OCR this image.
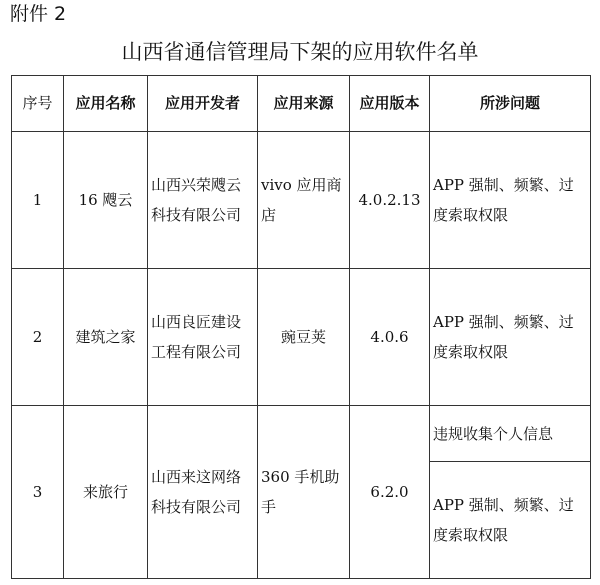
附件 2
山西省通信管理局下架的应用软件名单
序号	应用名称	应用开发者	应用来源	应用版本	所涉问题
1	16 飕云	山西兴荣飕云科技有限公司	vivo 应用商店	4.0.2.13	APP 强制、频繁、过度索取权限
2	建筑之家	山西良匠建设工程有限公司	豌豆荚	4.0.6	APP 强制、频繁、过度索取权限
3	来旅行	山西来这网络科技有限公司	360 手机助手	6.2.0	违规收集个人信息
					APP 强制、频繁、过度索取权限
